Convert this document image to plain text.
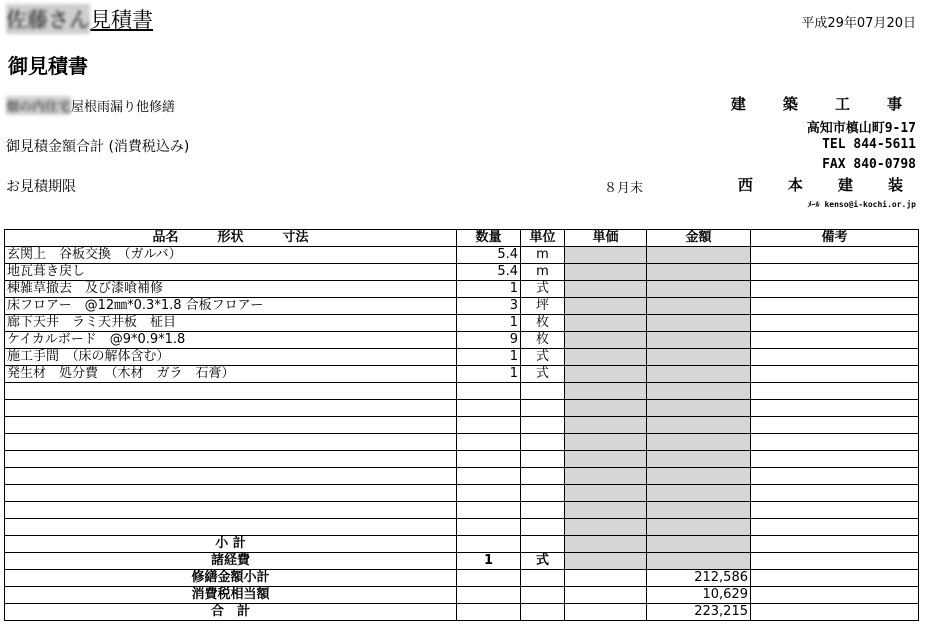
佐藤さん見積書	平成29年07月20日
御見積書
畑の内住宅屋根雨漏り他修繕
御見積金額合計 (消費税込み)
お見積期限	８月末
建 築 工 事
高知市槙山町9-17
TEL 844-5611
FAX 840-0798
西 本 建 装
ﾒｰﾙ kenso@i-kochi.or.jp
品名　　　形状　　　寸法	数量	単位	単価	金額	備考
玄関上　谷板交換　（ガルバ）	5.4	m			
地瓦葺き戻し	5.4	m			
棟雑草撤去　及び漆喰補修	1	式			
床フロアー　@12㎜*0.3*1.8 合板フロアー	3	坪			
廊下天井　ラミ天井板　柾目	1	枚			
ケイカルボード　@9*0.9*1.8	9	枚			
施工手間　（床の解体含む）	1	式			
発生材　処分費　（木材　ガラ　石膏）	1	式			

小 計					
諸経費	1	式			
修繕金額小計				212,586	
消費税相当額				10,629	
合　計				223,215	
